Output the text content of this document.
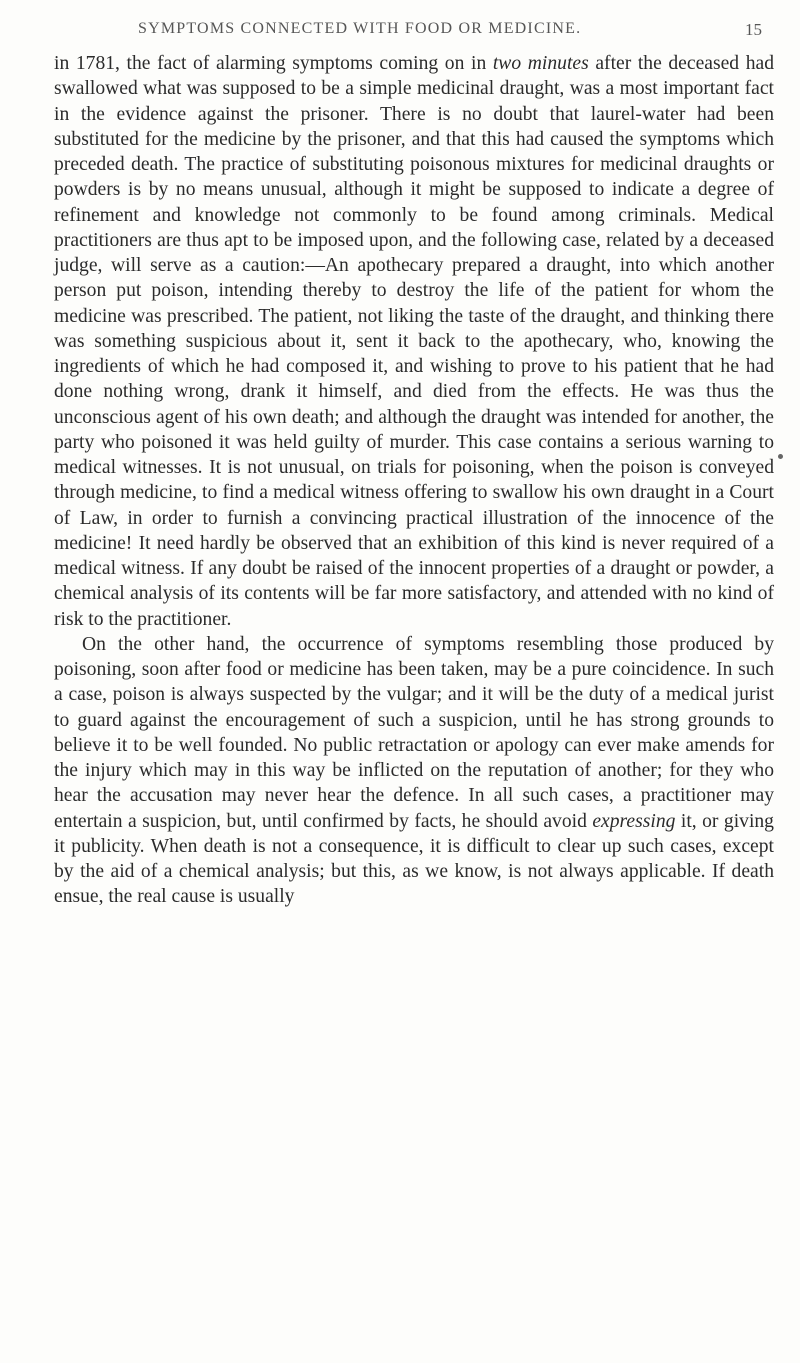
SYMPTOMS CONNECTED WITH FOOD OR MEDICINE.	15

in 1781, the fact of alarming symptoms coming on in two minutes after the deceased had swallowed what was supposed to be a simple medicinal draught, was a most important fact in the evidence against the prisoner. There is no doubt that laurel-water had been substituted for the medicine by the prisoner, and that this had caused the symptoms which preceded death. The practice of substituting poisonous mixtures for medicinal draughts or powders is by no means unusual, although it might be supposed to indicate a degree of refinement and knowledge not commonly to be found among criminals. Medical practitioners are thus apt to be imposed upon, and the following case, related by a deceased judge, will serve as a caution:—An apothecary prepared a draught, into which another person put poison, intending thereby to destroy the life of the patient for whom the medicine was prescribed. The patient, not liking the taste of the draught, and thinking there was something suspicious about it, sent it back to the apothecary, who, knowing the ingredients of which he had composed it, and wishing to prove to his patient that he had done nothing wrong, drank it himself, and died from the effects. He was thus the unconscious agent of his own death; and although the draught was intended for another, the party who poisoned it was held guilty of murder. This case contains a serious warning to medical witnesses. It is not unusual, on trials for poisoning, when the poison is conveyed through medicine, to find a medical witness offering to swallow his own draught in a Court of Law, in order to furnish a convincing practical illustration of the innocence of the medicine! It need hardly be observed that an exhibition of this kind is never required of a medical witness. If any doubt be raised of the innocent properties of a draught or powder, a chemical analysis of its contents will be far more satisfactory, and attended with no kind of risk to the practitioner.

On the other hand, the occurrence of symptoms resembling those produced by poisoning, soon after food or medicine has been taken, may be a pure coincidence. In such a case, poison is always suspected by the vulgar; and it will be the duty of a medical jurist to guard against the encouragement of such a suspicion, until he has strong grounds to believe it to be well founded. No public retractation or apology can ever make amends for the injury which may in this way be inflicted on the reputation of another; for they who hear the accusation may never hear the defence. In all such cases, a practitioner may entertain a suspicion, but, until confirmed by facts, he should avoid expressing it, or giving it publicity. When death is not a consequence, it is difficult to clear up such cases, except by the aid of a chemical analysis; but this, as we know, is not always applicable. If death ensue, the real cause is usually
